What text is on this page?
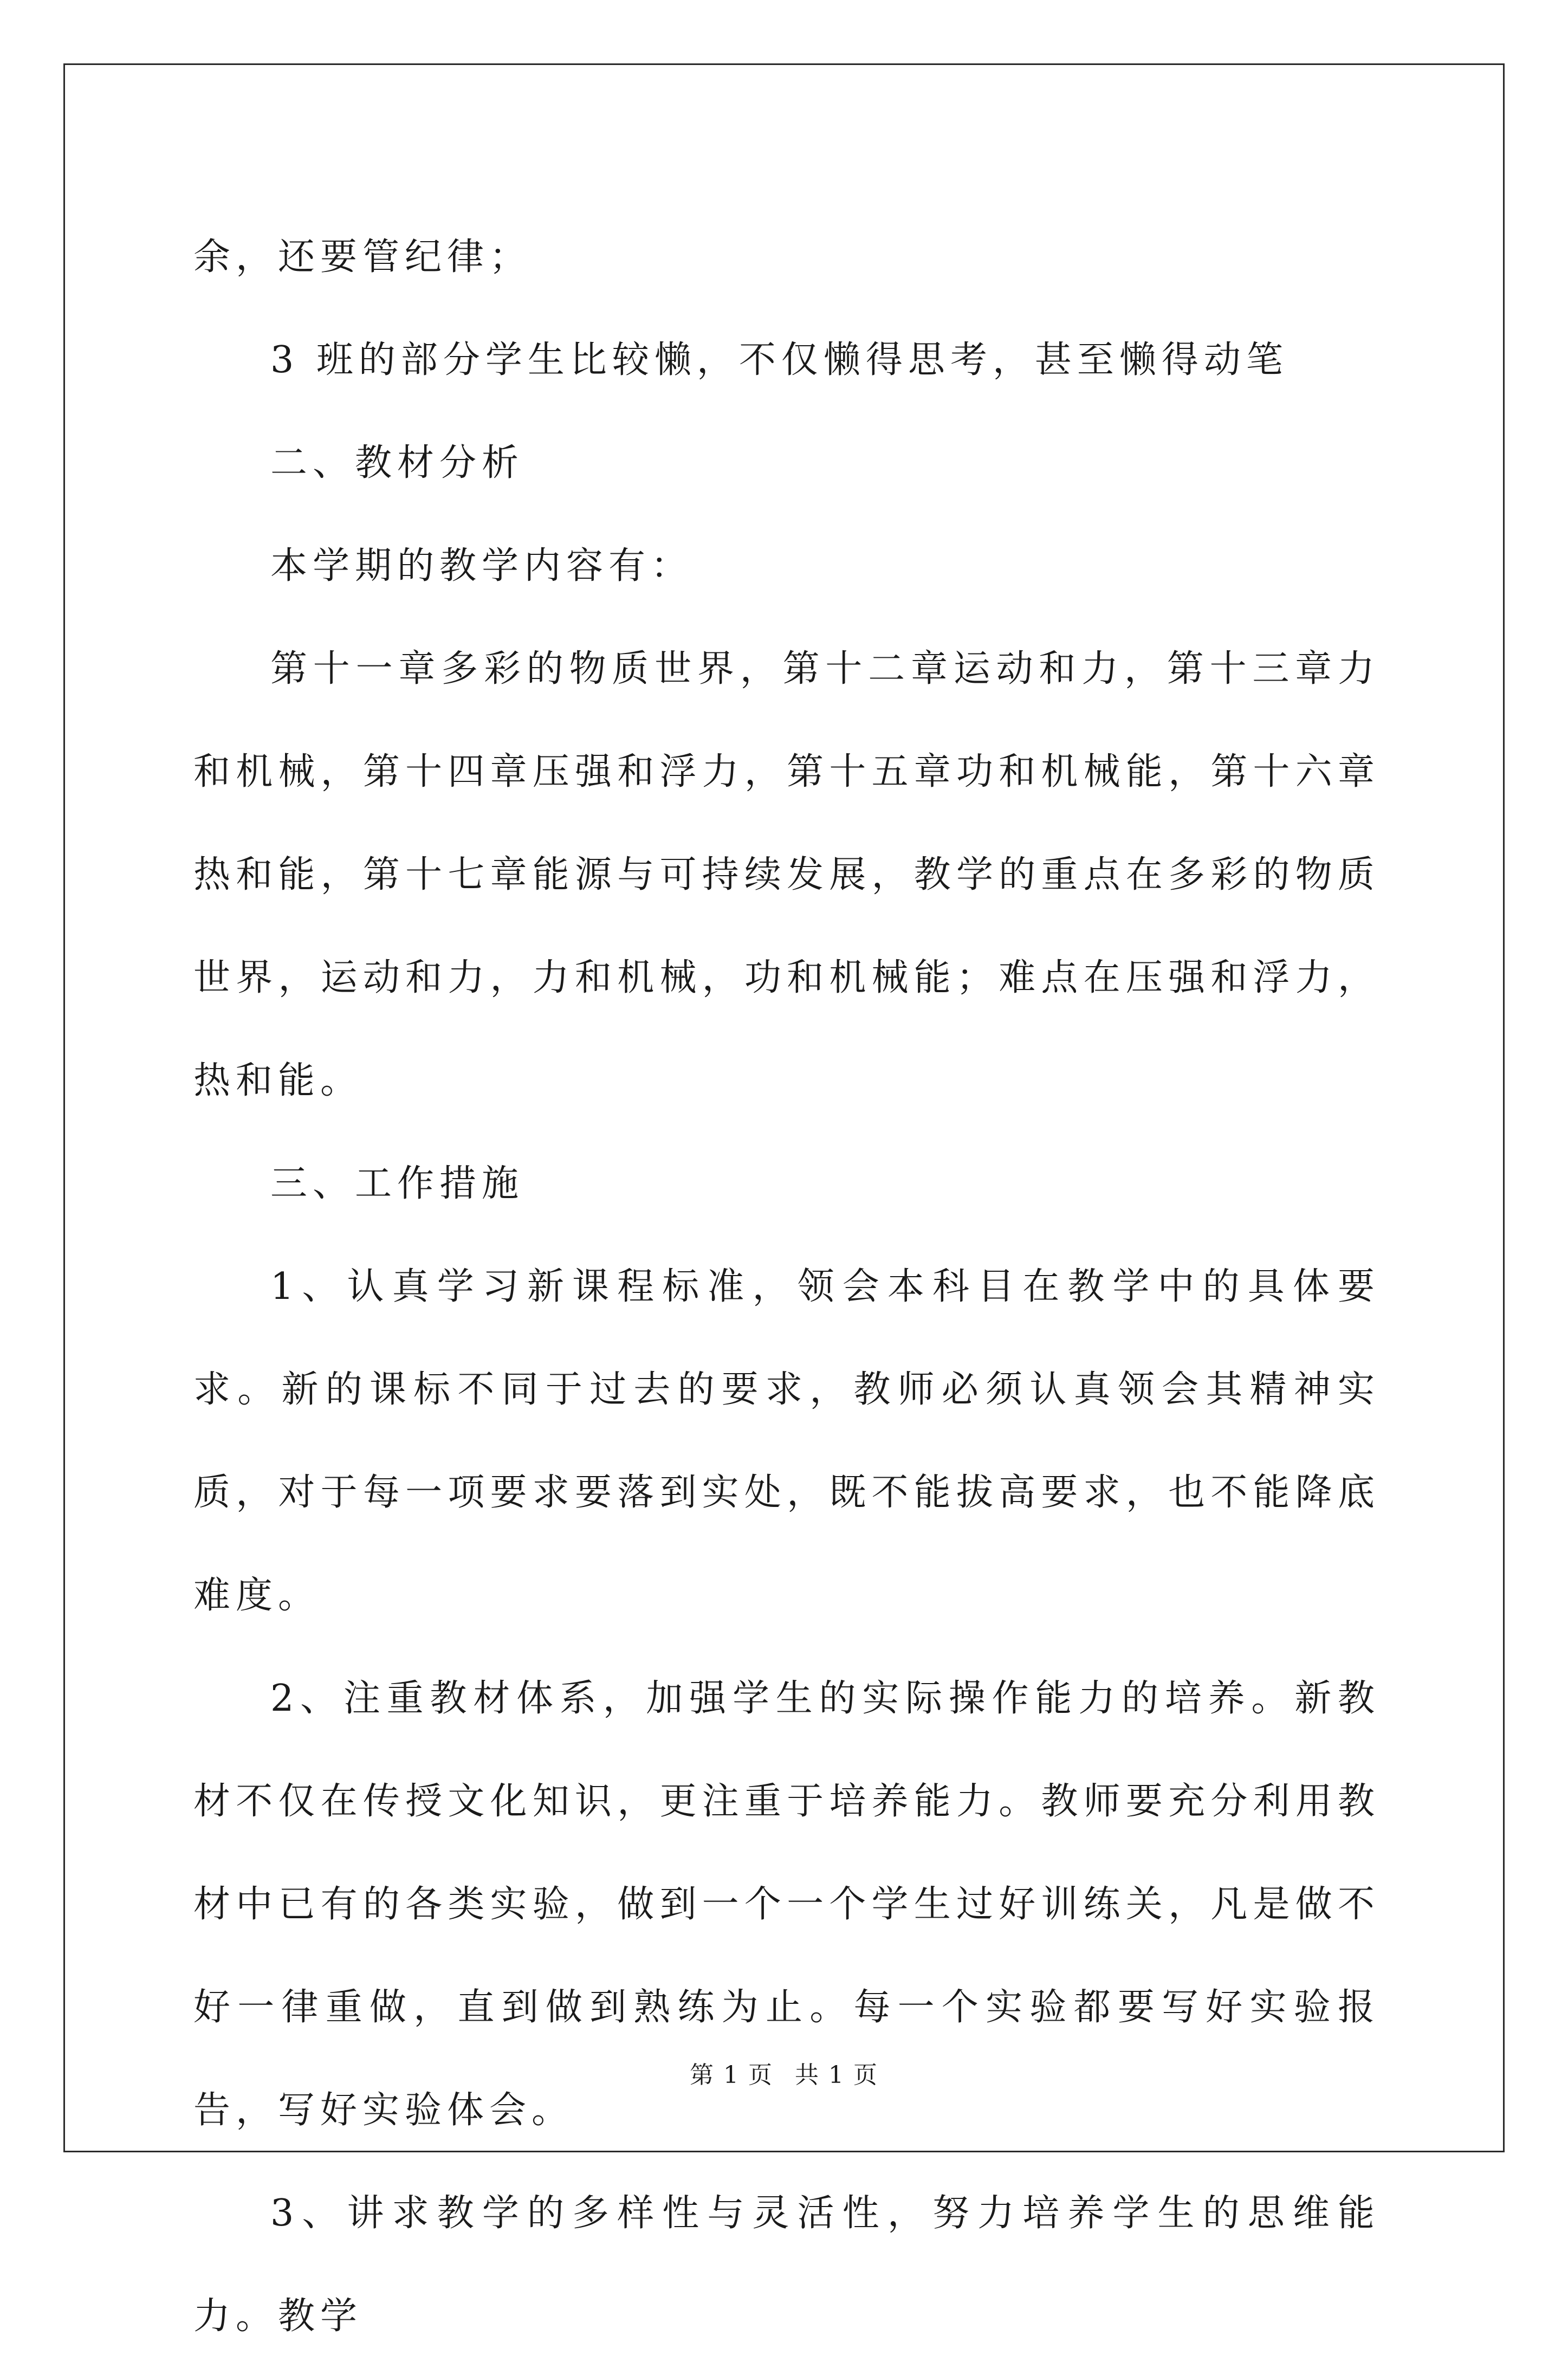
余，还要管纪律；

3 班的部分学生比较懒，不仅懒得思考，甚至懒得动笔

二、教材分析

本学期的教学内容有：

第十一章多彩的物质世界，第十二章运动和力，第十三章力和机械，第十四章压强和浮力，第十五章功和机械能，第十六章热和能，第十七章能源与可持续发展，教学的重点在多彩的物质世界，运动和力，力和机械，功和机械能；难点在压强和浮力，热和能。

三、工作措施

1、认真学习新课程标准，领会本科目在教学中的具体要求。新的课标不同于过去的要求，教师必须认真领会其精神实质，对于每一项要求要落到实处，既不能拔高要求，也不能降底难度。

2、注重教材体系，加强学生的实际操作能力的培养。新教材不仅在传授文化知识，更注重于培养能力。教师要充分利用教材中已有的各类实验，做到一个一个学生过好训练关，凡是做不好一律重做，直到做到熟练为止。每一个实验都要写好实验报告，写好实验体会。

3、讲求教学的多样性与灵活性，努力培养学生的思维能力。教学

第 1 页 共 1 页
